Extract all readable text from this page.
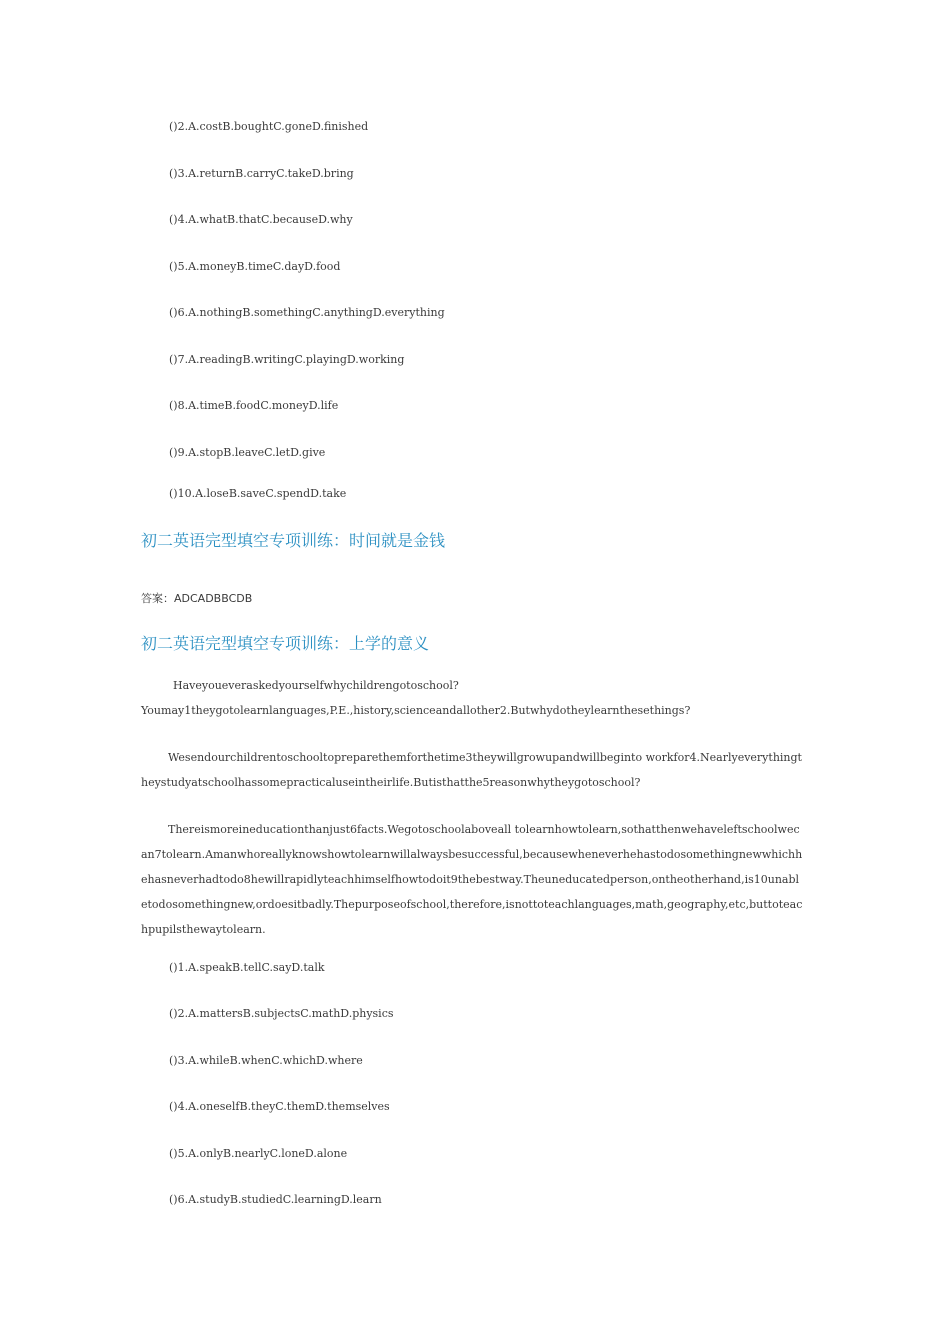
()2.A.costB.boughtC.goneD.finished
()3.A.returnB.carryC.takeD.bring
()4.A.whatB.thatC.becauseD.why
()5.A.moneyB.timeC.dayD.food
()6.A.nothingB.somethingC.anythingD.everything
()7.A.readingB.writingC.playingD.working
()8.A.timeB.foodC.moneyD.life
()9.A.stopB.leaveC.letD.give
()10.A.loseB.saveC.spendD.take
初二英语完型填空专项训练：时间就是金钱
答案：ADCADBBCDB
初二英语完型填空专项训练：上学的意义
Haveyoueveraskedyourselfwhychildrengotoschool?
Youmay1theygotolearnlanguages,P.E.,history,scienceandallother2.Butwhydotheylearnthesethings?
Wesendourchildrentoschooltopreparethemforthetime3theywillgrowupandwillbeginto workfor4.Nearlyeverythingtheystudyatschoolhassomepracticaluseintheirlife.Butisthatthe5reasonwhytheygotoschool?
Thereismoreineducationthanjust6facts.Wegotoschoolaboveall tolearnhowtolearn,sothatthenwehaveleftschoolwecan7tolearn.Amanwhoreallyknowshowtolearnwillalwaysbesuccessful,becausewheneverhehastodosomethingnewwhichhehasneverhadtodo8hewillrapidlyteachhimselfhowtodoit9thebestway.Theuneducatedperson,ontheotherhand,is10unabletodosomethingnew,ordoesitbadly.Thepurposeofschool,therefore,isnottoteachlanguages,math,geography,etc,buttoteachpupilsthewaytolearn.
()1.A.speakB.tellC.sayD.talk
()2.A.mattersB.subjectsC.mathD.physics
()3.A.whileB.whenC.whichD.where
()4.A.oneselfB.theyC.themD.themselves
()5.A.onlyB.nearlyC.loneD.alone
()6.A.studyB.studiedC.learningD.learn
